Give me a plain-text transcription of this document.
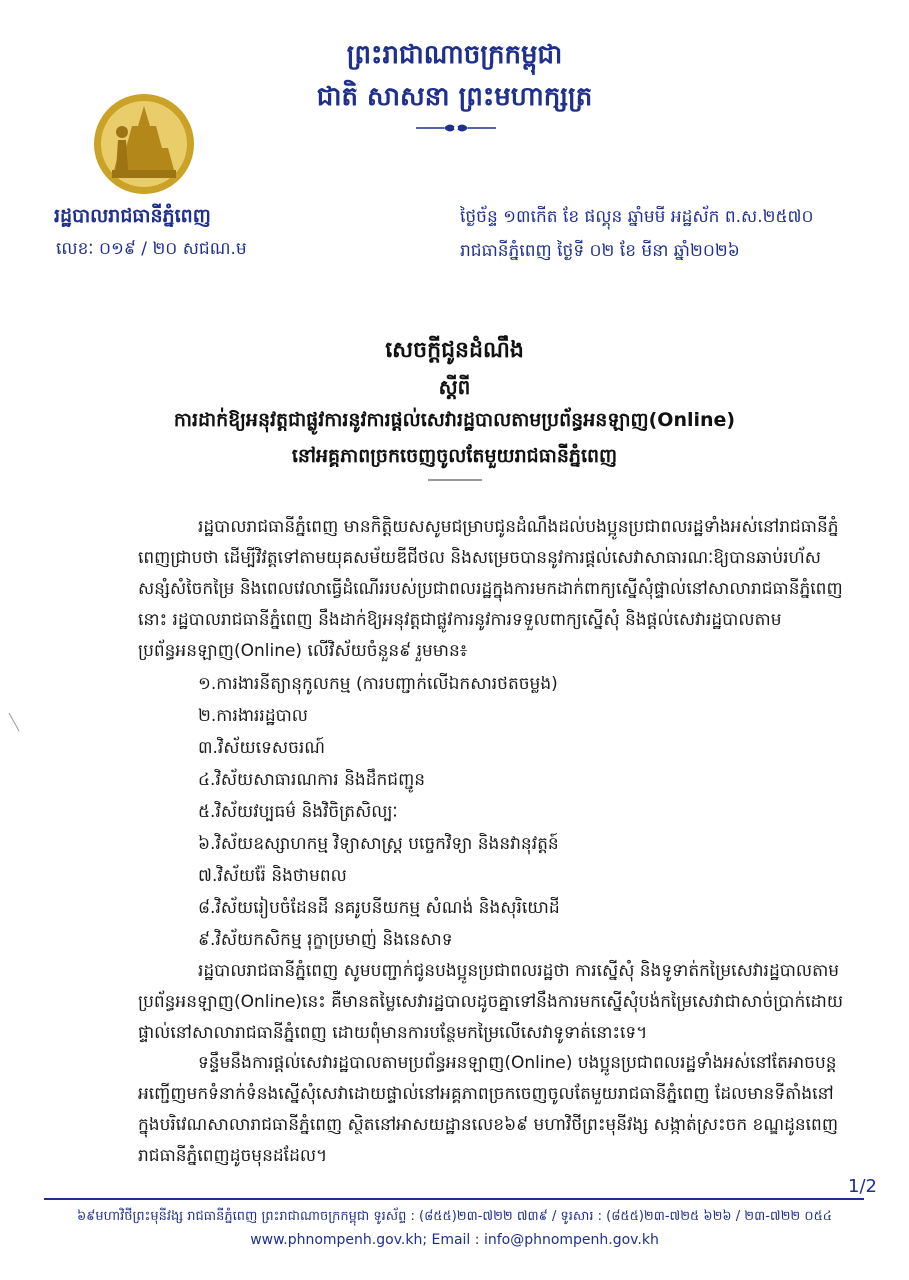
ព្រះរាជាណាចក្រកម្ពុជា
ជាតិ សាសនា ព្រះមហាក្សត្រ
រដ្ឋបាលរាជធានីភ្នំពេញ
លេខៈ ០១៩ / ២០ សជណ.ម
ថ្ងៃច័ន្ទ ១៣កើត ខែ ផល្គុន ឆ្នាំមមី អដ្ឋស័ក ព.ស.២៥៧០
រាជធានីភ្នំពេញ ថ្ងៃទី ០២ ខែ មីនា ឆ្នាំ២០២៦
សេចក្តីជូនដំណឹង
ស្តីពី
ការដាក់ឱ្យអនុវត្តជាផ្លូវការនូវការផ្តល់សេវារដ្ឋបាលតាមប្រព័ន្ធអនឡាញ(Online)
នៅអគ្គភាពច្រកចេញចូលតែមួយរាជធានីភ្នំពេញ
រដ្ឋបាលរាជធានីភ្នំពេញ មានកិត្តិយសសូមជម្រាបជូនដំណឹងដល់បងប្អូនប្រជាពលរដ្ឋទាំងអស់នៅរាជធានីភ្នំពេញជ្រាបថា ដើម្បីវិវត្តទៅតាមយុគសម័យឌីជីថល និងសម្រេចបាននូវការផ្តល់សេវាសាធារណៈឱ្យបានឆាប់រហ័ស សន្សំសំចៃកម្រៃ និងពេលវេលាធ្វើដំណើររបស់ប្រជាពលរដ្ឋក្នុងការមកដាក់ពាក្យស្នើសុំផ្ទាល់នៅសាលារាជធានីភ្នំពេញ នោះ រដ្ឋបាលរាជធានីភ្នំពេញ នឹងដាក់ឱ្យអនុវត្តជាផ្លូវការនូវការទទួលពាក្យស្នើសុំ និងផ្តល់សេវារដ្ឋបាលតាមប្រព័ន្ធអនឡាញ(Online) លើវិស័យចំនួន៩ រួមមាន៖
១.ការងារនីត្យានុកូលកម្ម (ការបញ្ជាក់លើឯកសារថតចម្លង)
២.ការងាររដ្ឋបាល
៣.វិស័យទេសចរណ៍
៤.វិស័យសាធារណការ និងដឹកជញ្ជូន
៥.វិស័យវប្បធម៌ និងវិចិត្រសិល្បៈ
៦.វិស័យឧស្សាហកម្ម វិទ្យាសាស្ត្រ បច្ចេកវិទ្យា និងនវានុវត្តន៍
៧.វិស័យរ៉ែ និងថាមពល
៨.វិស័យរៀបចំដែនដី នគរូបនីយកម្ម សំណង់ និងសុរិយោដី
៩.វិស័យកសិកម្ម រុក្ខាប្រមាញ់ និងនេសាទ
រដ្ឋបាលរាជធានីភ្នំពេញ សូមបញ្ជាក់ជូនបងប្អូនប្រជាពលរដ្ឋថា ការស្នើសុំ និងទូទាត់កម្រៃសេវារដ្ឋបាលតាមប្រព័ន្ធអនឡាញ(Online)នេះ គឺមានតម្លៃសេវារដ្ឋបាលដូចគ្នាទៅនឹងការមកស្នើសុំបង់កម្រៃសេវាជាសាច់ប្រាក់ដោយផ្ទាល់នៅសាលារាជធានីភ្នំពេញ ដោយពុំមានការបន្ថែមកម្រៃលើសេវាទូទាត់នោះទេ។
ទន្ទឹមនឹងការផ្តល់សេវារដ្ឋបាលតាមប្រព័ន្ធអនឡាញ(Online) បងប្អូនប្រជាពលរដ្ឋទាំងអស់នៅតែអាចបន្តអញ្ជើញមកទំនាក់ទំនងស្នើសុំសេវាដោយផ្ទាល់នៅអគ្គភាពច្រកចេញចូលតែមួយរាជធានីភ្នំពេញ ដែលមានទីតាំងនៅក្នុងបរិវេណសាលារាជធានីភ្នំពេញ ស្ថិតនៅអាសយដ្ឋានលេខ៦៩ មហាវិថីព្រះមុនីវង្ស សង្កាត់ស្រះចក ខណ្ឌដូនពេញ រាជធានីភ្នំពេញដូចមុនដដែល។
1/2
៦៩មហាវិថីព្រះមុនីវង្ស រាជធានីភ្នំពេញ ព្រះរាជាណាចក្រកម្ពុជា ទូរស័ព្ទ : (៨៥៥)២៣-៧២២ ៧៣៩ / ទូរសារ : (៨៥៥)២៣-៧២៥ ៦២៦ / ២៣-៧២២ ០៥៤
www.phnompenh.gov.kh; Email : info@phnompenh.gov.kh
